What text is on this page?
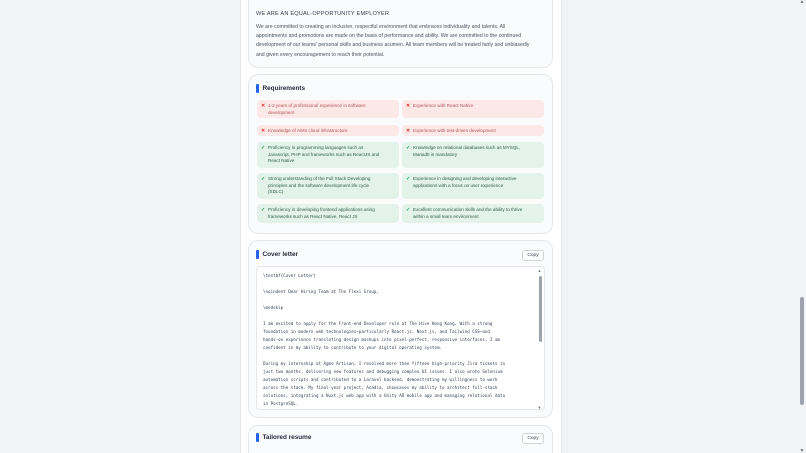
WE ARE AN EQUAL-OPPORTUNITY EMPLOYER
We are committed to creating an inclusive, respectful environment that embraces individuality and talents. All
appointments and promotions are made on the basis of performance and ability. We are committed to the continued
development of our teams' personal skills and business acumen. All team members will be treated fairly and unbiasedly
and given every encouragement to reach their potential.
Requirements
✕ 1-2 years of professional experience in software
development
✕ Experience with React Native
✕ Knowledge of AWS cloud infrastructure	✕ Experience with test-driven development
✓ Proficiency in programming languages such as
Javascript, PHP and frameworks such as ReactJS and
React Native
✓ Knowledge on relational databases such as MYSQL,
Mariadb is mandatory
✓ Strong understanding of the Full Stack Developing
principles and the software development life cycle
(SDLC)
✓ Experience in designing and developing interactive
applications with a focus on user experience
✓ Proficiency in developing frontend applications using
frameworks such as React Native, React JS
✓ Excellent communication skills and the ability to thrive
within a small team environment
Cover letter	Copy
\textbf{Cover Letter}
\noindent Dear Hiring Team at The Flexi Group,
\medskip
I am excited to apply for the Front-end Developer role at The Hive Hong Kong. With a strong
foundation in modern web technologies—particularly React.js, Next.js, and Tailwind CSS—and
hands-on experience translating design mockups into pixel-perfect, responsive interfaces, I am
confident in my ability to contribute to your digital operating system.
During my internship at Agmo Artisan, I resolved more than fifteen high-priority Jira tickets in
just two months, delivering new features and debugging complex UI issues. I also wrote Selenium
automation scripts and contributed to a Laravel backend, demonstrating my willingness to work
across the stack. My final-year project, Acadia, showcases my ability to architect full-stack
solutions, integrating a Nuxt.js web app with a Unity AR mobile app and managing relational data
in PostgreSQL.
▲
▼
Tailored resume	Copy
▲
▼
